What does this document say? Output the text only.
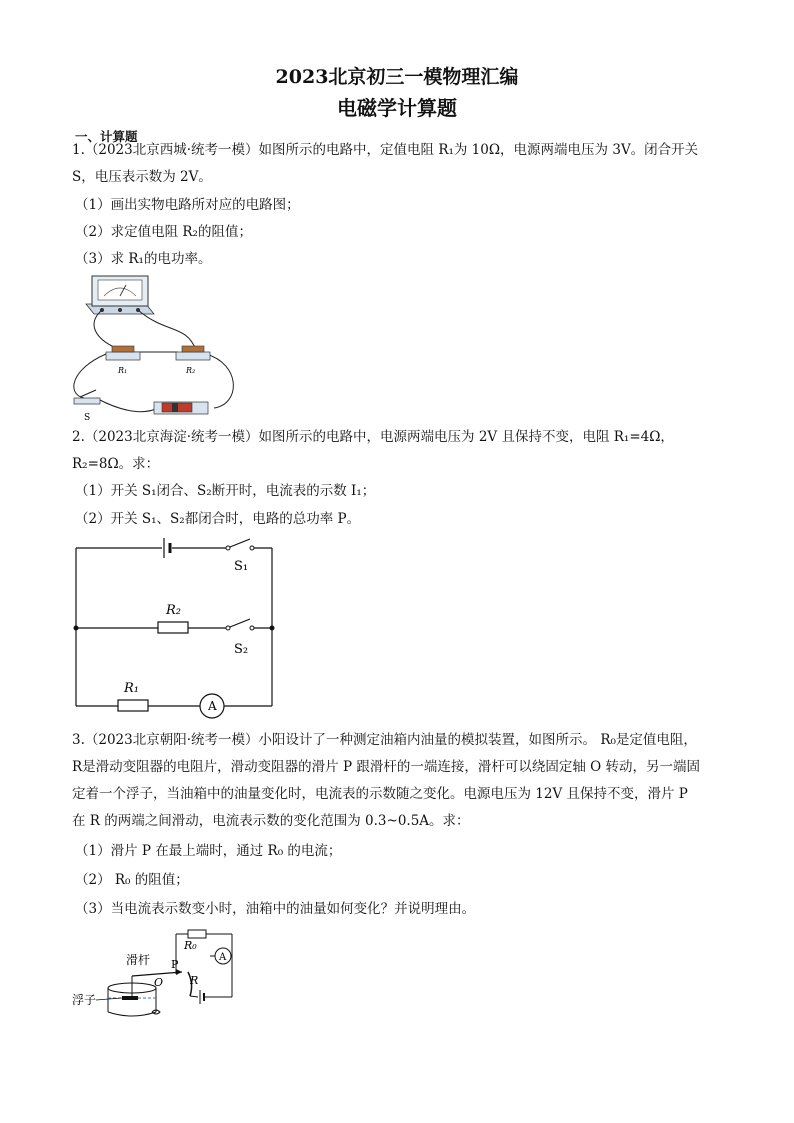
2023北京初三一模物理汇编
电磁学计算题
一、计算题
1.（2023北京西城·统考一模）如图所示的电路中，定值电阻 R₁为 10Ω，电源两端电压为 3V。闭合开关
S，电压表示数为 2V。
（1）画出实物电路所对应的电路图；
（2）求定值电阻 R₂的阻值；
（3）求 R₁的电功率。
R₁	R₂
S
2.（2023北京海淀·统考一模）如图所示的电路中，电源两端电压为 2V 且保持不变，电阻 R₁=4Ω，
R₂=8Ω。求：
（1）开关 S₁闭合、S₂断开时，电流表的示数 I₁；
（2）开关 S₁、S₂都闭合时，电路的总功率 P。
A
S₁
S₂
R₂
R₁
3.（2023北京朝阳·统考一模）小阳设计了一种测定油箱内油量的模拟装置，如图所示。 R₀是定值电阻，
R是滑动变阻器的电阻片，滑动变阻器的滑片 P 跟滑杆的一端连接，滑杆可以绕固定轴 O 转动，另一端固
定着一个浮子，当油箱中的油量变化时，电流表的示数随之变化。电源电压为 12V 且保持不变，滑片 P
在 R 的两端之间滑动，电流表示数的变化范围为 0.3~0.5A。求：
（1）滑片 P 在最上端时，通过 R₀ 的电流；
（2） R₀ 的阻值；
（3）当电流表示数变小时，油箱中的油量如何变化？并说明理由。
A
滑杆 P
O R
R₀
浮子
